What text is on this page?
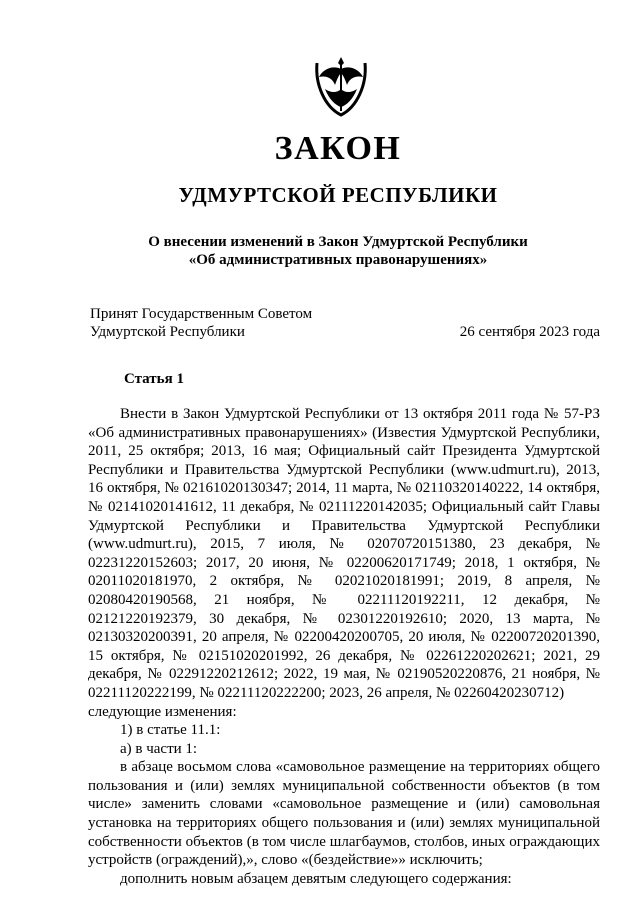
ЗАКОН
УДМУРТСКОЙ РЕСПУБЛИКИ
О внесении изменений в Закон Удмуртской Республики
«Об административных правонарушениях»
Принят Государственным Советом
Удмуртской Республики	26 сентября 2023 года
Статья 1

Внести в Закон Удмуртской Республики от 13 октября 2011 года № 57-РЗ «Об административных правонарушениях» (Известия Удмуртской Республики, 2011, 25 октября; 2013, 16 мая; Официальный сайт Президента Удмуртской Республики и Правительства Удмуртской Республики (www.udmurt.ru), 2013, 16 октября, № 02161020130347; 2014, 11 марта, № 02110320140222, 14 октября, № 02141020141612, 11 декабря, № 02111220142035; Официальный сайт Главы Удмуртской Республики и Правительства Удмуртской Республики (www.udmurt.ru), 2015, 7 июля, № 02070720151380, 23 декабря, № 02231220152603; 2017, 20 июня, № 02200620171749; 2018, 1 октября, № 02011020181970, 2 октября, № 02021020181991; 2019, 8 апреля, № 02080420190568, 21 ноября, № 02211120192211, 12 декабря, № 02121220192379, 30 декабря, № 02301220192610; 2020, 13 марта, № 02130320200391, 20 апреля, № 02200420200705, 20 июля, № 02200720201390, 15 октября, № 02151020201992, 26 декабря, № 02261220202621; 2021, 29 декабря, № 02291220212612; 2022, 19 мая, № 02190520220876, 21 ноября, № 02211120222199, № 02211120222200; 2023, 26 апреля, № 02260420230712)

следующие изменения:

1) в статье 11.1:

а) в части 1:

в абзаце восьмом слова «самовольное размещение на территориях общего пользования и (или) землях муниципальной собственности объектов (в том числе» заменить словами «самовольное размещение и (или) самовольная установка на территориях общего пользования и (или) землях муниципальной собственности объектов (в том числе шлагбаумов, столбов, иных ограждающих устройств (ограждений),», слово «(бездействие»» исключить;

дополнить новым абзацем девятым следующего содержания:
